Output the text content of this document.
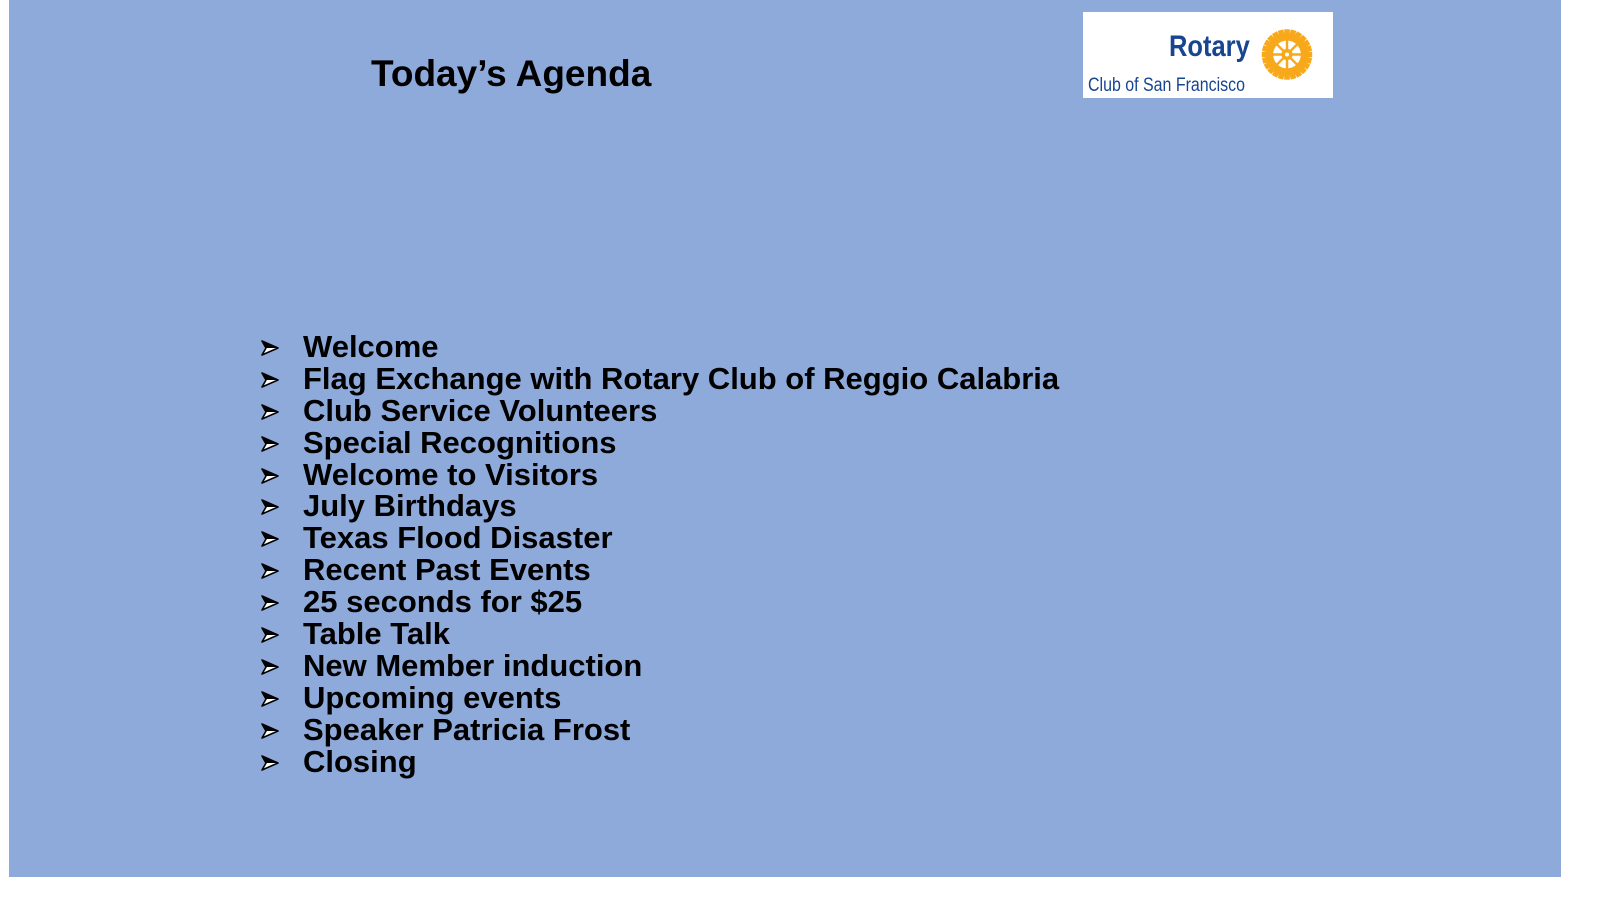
Today’s Agenda
Rotary
Club of San Francisco
Welcome
Flag Exchange with Rotary Club of Reggio Calabria
Club Service Volunteers
Special Recognitions
Welcome to Visitors
July Birthdays
Texas Flood Disaster
Recent Past Events
25 seconds for $25
Table Talk
New Member induction
Upcoming events
Speaker Patricia Frost
Closing
